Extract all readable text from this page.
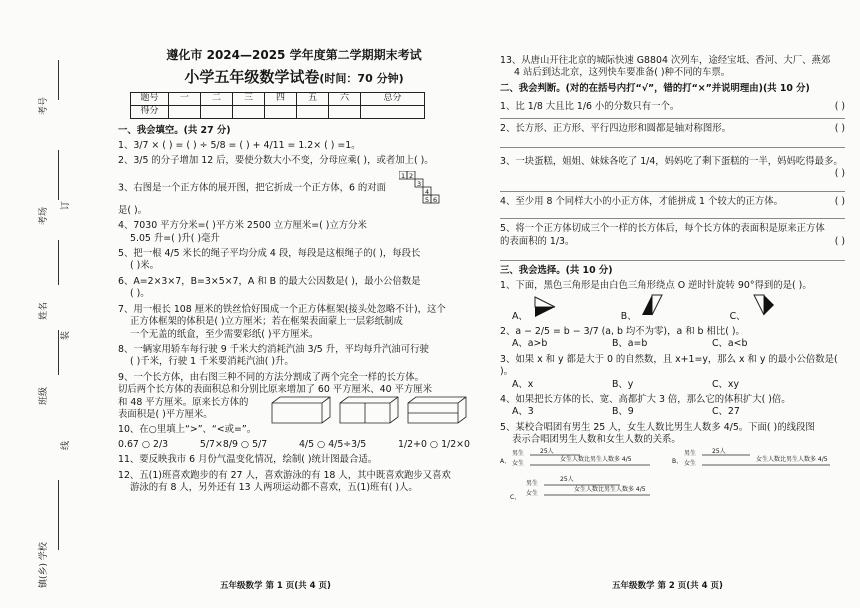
考号
考场
姓名
班级
镇(乡) 学校
订
装
线
遵化市 2024—2025 学年度第二学期期末考试
小学五年级数学试卷(时间：70 分钟)
题号	一	二	三	四	五	六	总分
得分							
一、我会填空。(共 27 分)
1、3/7 × ( ) = ( ) ÷ 5/8 = ( ) + 4/11 = 1.2× ( ) =1。
2、3/5 的分子增加 12 后，要使分数大小不变，分母应乘( )，或者加上( )。
3、右图是一个正方体的展开图，把它折成一个正方体，6 的对面
1 2
3
4
5 6
是( )。
4、7030 平方分米=( )平方米 2500 立方厘米=( )立方分米
5.05 升=( )升( )毫升
5、把一根 4/5 米长的绳子平均分成 4 段，每段是这根绳子的( )，每段长
( )米。
6、A=2×3×7，B=3×5×7，A 和 B 的最大公因数是( )，最小公倍数是
( )。
7、用一根长 108 厘米的铁丝恰好围成一个正方体框架(接头处忽略不计)，这个
正方体框架的体积是( )立方厘米；若在框架表面蒙上一层彩纸制成
一个无盖的纸盒，至少需要彩纸( )平方厘米。
8、一辆家用轿车每行驶 9 千米大约消耗汽油 3/5 升，平均每升汽油可行驶
( )千米，行驶 1 千米要消耗汽油( )升。
9、一个长方体，由右图三种不同的方法分割成了两个完全一样的长方体。
切后两个长方体的表面积总和分别比原来增加了 60 平方厘米、40 平方厘米
和 48 平方厘米。原来长方体的
表面积是( )平方厘米。
10、在○里填上“>”、“<或=”。
0.67 ○ 2/3	5/7×8/9 ○ 5/7	4/5 ○ 4/5÷3/5	1/2+0 ○ 1/2×0
11、要反映我市 6 月份气温变化情况，绘制( )统计图最合适。
12、五(1)班喜欢跑步的有 27 人，喜欢游泳的有 18 人，其中既喜欢跑步又喜欢
游泳的有 8 人，另外还有 13 人两项运动都不喜欢，五(1)班有( )人。
五年级数学 第 1 页(共 4 页)
13、从唐山开往北京的城际快速 G8804 次列车，途经宝坻、香河、大厂、燕郊
4 站后到达北京，这列快车要准备( )种不同的车票。
二、我会判断。(对的在括号内打“√”，错的打“×”并说明理由)(共 10 分)
1、比 1/8 大且比 1/6 小的分数只有一个。	( )
2、长方形、正方形、平行四边形和圆都是轴对称图形。	( )
3、一块蛋糕，姐姐、妹妹各吃了 1/4，妈妈吃了剩下蛋糕的一半，妈妈吃得最多。
( )
4、至少用 8 个同样大小的小正方体，才能拼成 1 个较大的正方体。	( )
5、将一个正方体切成三个一样的长方体后，每个长方体的表面积是原来正方体
的表面积的 1/3。	( )
三、我会选择。(共 10 分)
1、下面，黑色三角形是由白色三角形绕点 O 逆时针旋转 90°得到的是( )。
A、	B、	C、
2、a − 2/5 = b − 3/7 (a, b 均不为零)，a 和 b 相比( )。
A、a>b	B、a=b	C、a<b
3、如果 x 和 y 都是大于 0 的自然数，且 x+1=y，那么 x 和 y 的最小公倍数是( )。
A、x	B、y	C、xy
4、如果把长方体的长、宽、高都扩大 3 倍，那么它的体积扩大( )倍。
A、3	B、9	C、27
5、某校合唱团有男生 25 人，女生人数比男生人数多 4/5。下面( )的线段图
表示合唱团男生人数和女生人数的关系。
A、
男生
女生
25人
女生人数比男生人数多 4/5	B、
男生
女生
25人
女生人数比男生人数多 4/5
C、
男生
女生
25人
女生人数比男生人数多 4/5
五年级数学 第 2 页(共 4 页)
